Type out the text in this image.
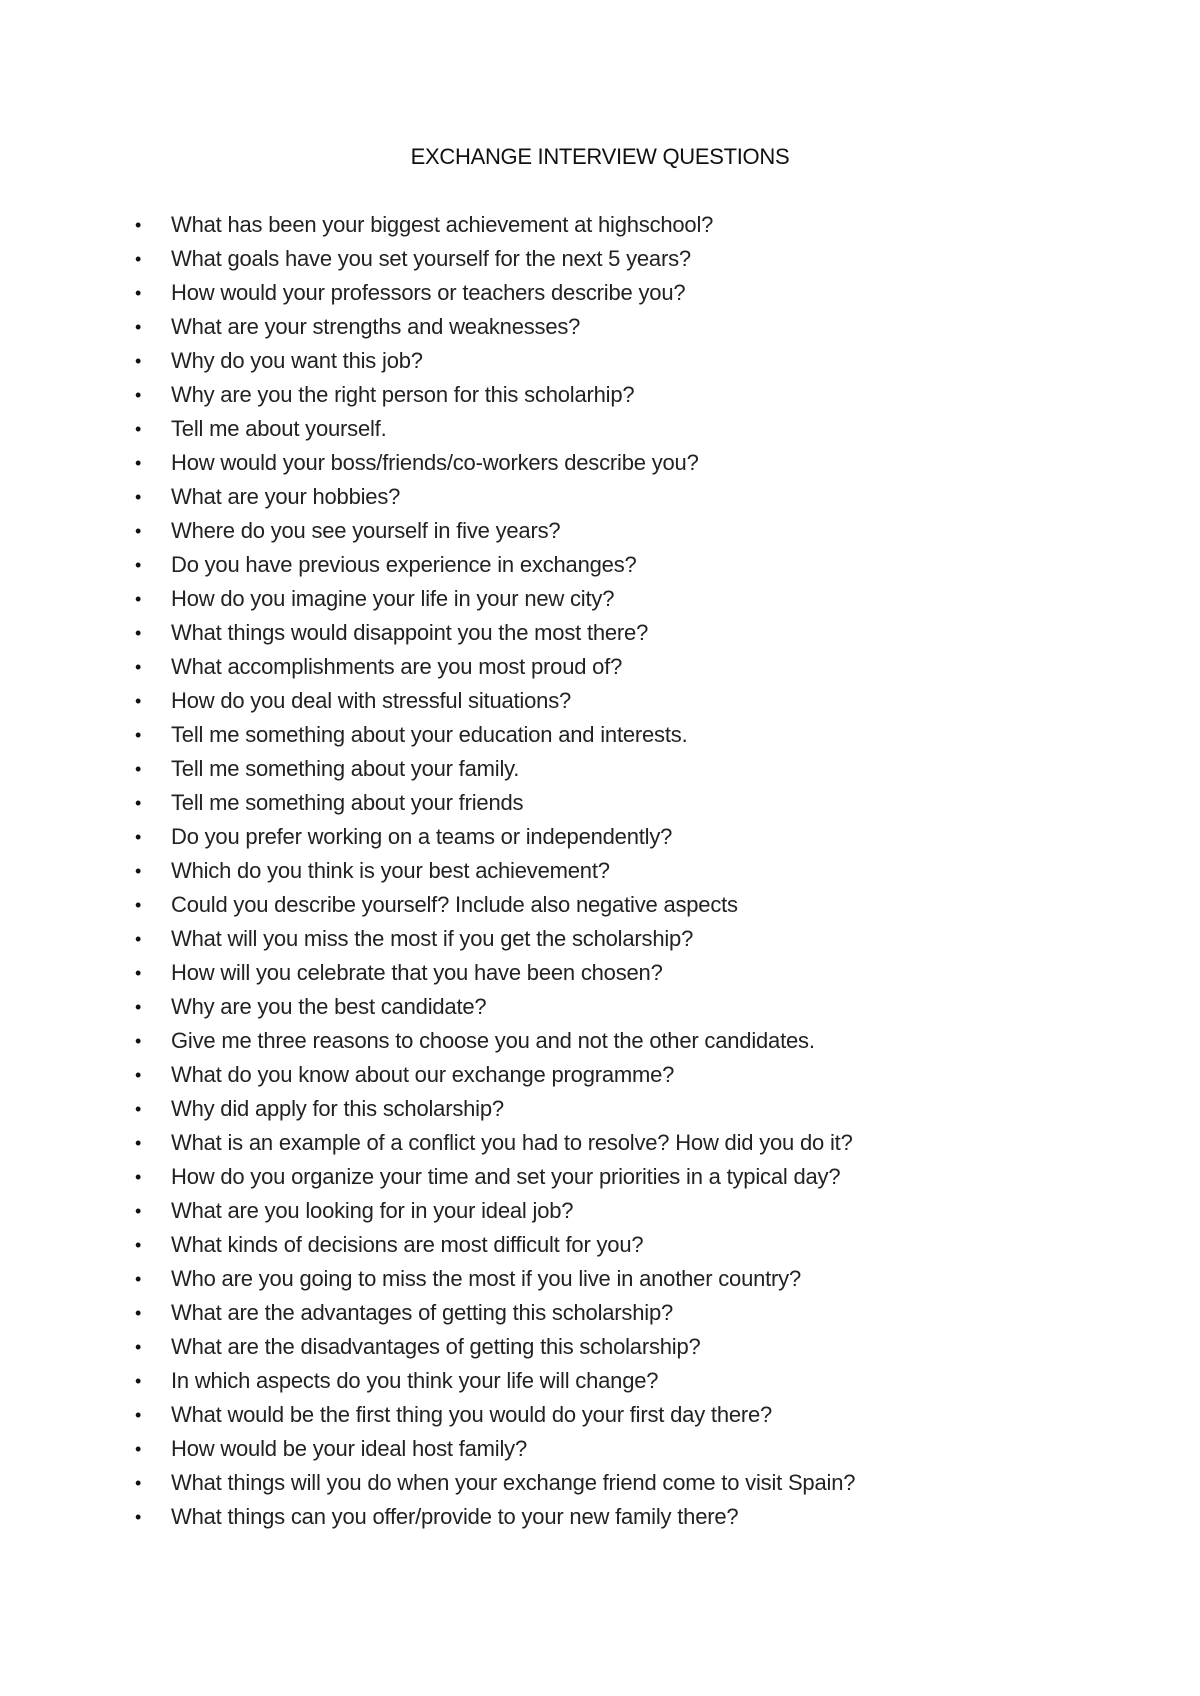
EXCHANGE INTERVIEW QUESTIONS
• What has been your biggest achievement at highschool?
• What goals have you set yourself for the next 5 years?
• How would your professors or teachers describe you?
• What are your strengths and weaknesses?
• Why do you want this job?
• Why are you the right person for this scholarhip?
• Tell me about yourself.
• How would your boss/friends/co-workers describe you?
• What are your hobbies?
• Where do you see yourself in five years?
• Do you have previous experience in exchanges?
• How do you imagine your life in your new city?
• What things would disappoint you the most there?
• What accomplishments are you most proud of?
• How do you deal with stressful situations?
• Tell me something about your education and interests.
• Tell me something about your family.
• Tell me something about your friends
• Do you prefer working on a teams or independently?
• Which do you think is your best achievement?
• Could you describe yourself? Include also negative aspects
• What will you miss the most if you get the scholarship?
• How will you celebrate that you have been chosen?
• Why are you the best candidate?
• Give me three reasons to choose you and not the other candidates.
• What do you know about our exchange programme?
• Why did apply for this scholarship?
• What is an example of a conflict you had to resolve? How did you do it?
• How do you organize your time and set your priorities in a typical day?
• What are you looking for in your ideal job?
• What kinds of decisions are most difficult for you?
• Who are you going to miss the most if you live in another country?
• What are the advantages of getting this scholarship?
• What are the disadvantages of getting this scholarship?
• In which aspects do you think your life will change?
• What would be the first thing you would do your first day there?
• How would be your ideal host family?
• What things will you do when your exchange friend come to visit Spain?
• What things can you offer/provide to your new family there?
